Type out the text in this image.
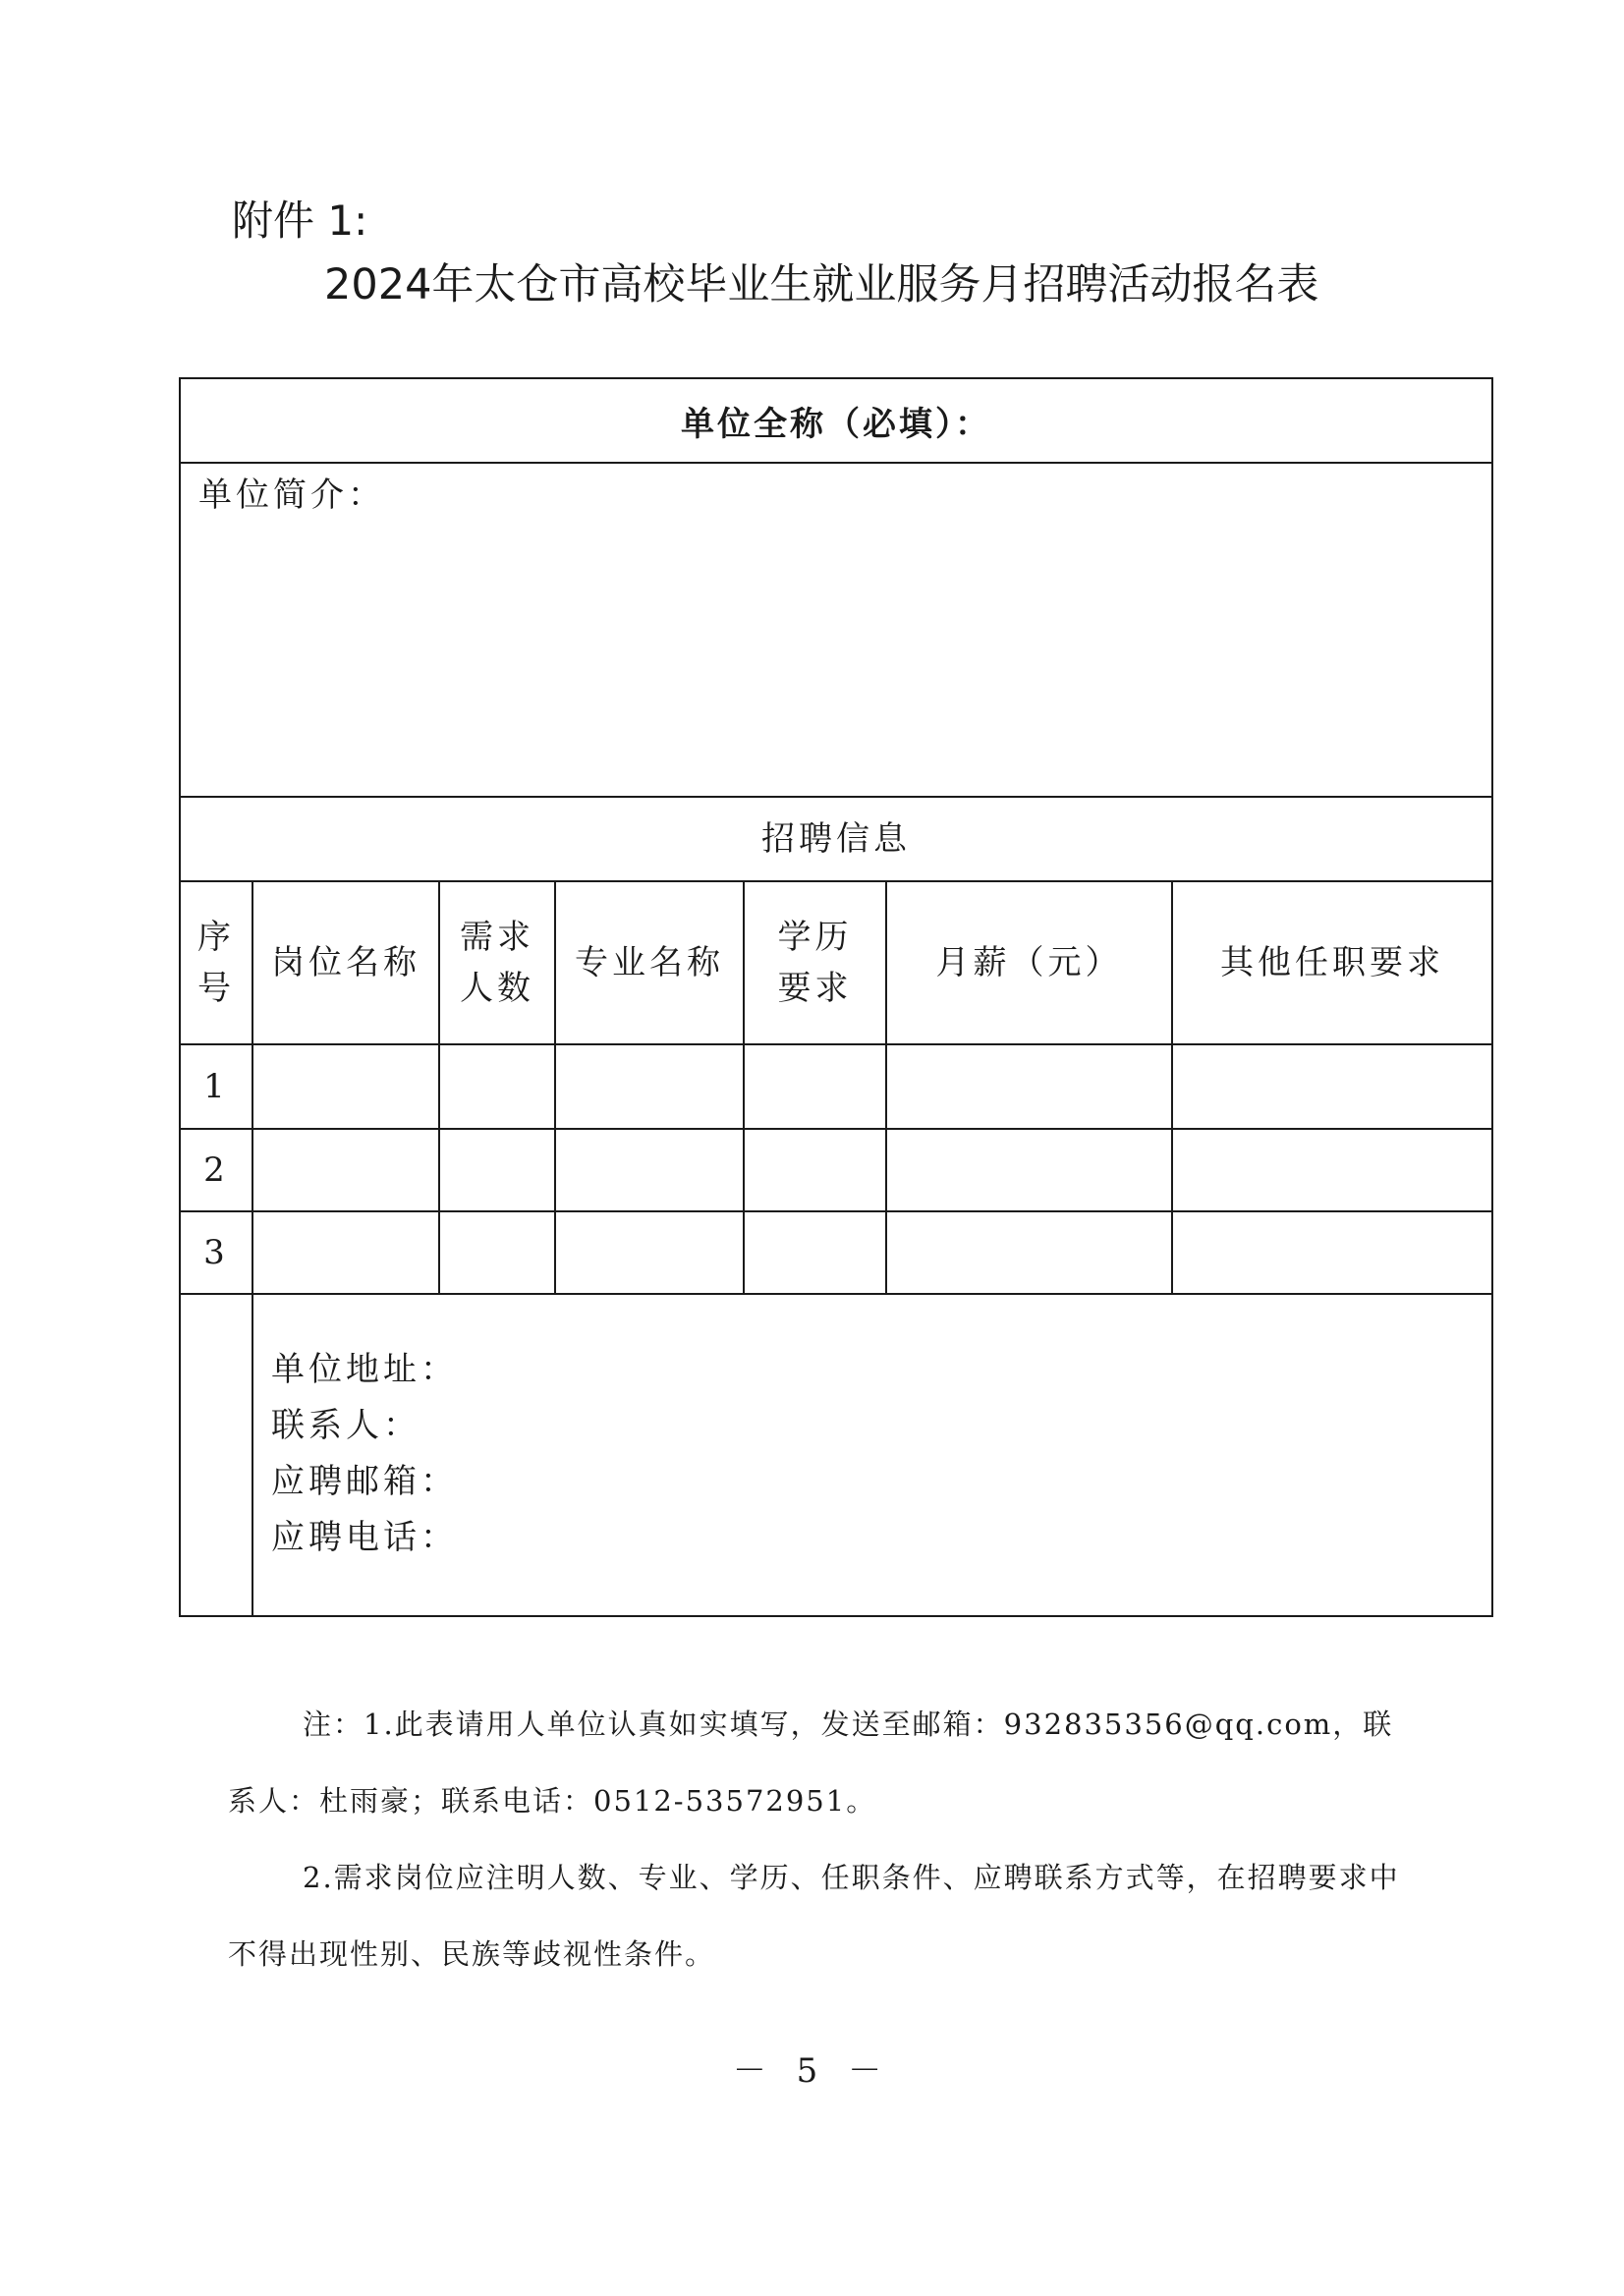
附件 1:
2024年太仓市高校毕业生就业服务月招聘活动报名表
单位全称（必填）：
单位简介：
招聘信息
序
号
岗位名称
需求
人数
专业名称
学历
要求
月薪（元）	其他任职要求
1
2
3
单位地址：
联系人：
应聘邮箱：
应聘电话：

注：1.此表请用人单位认真如实填写，发送至邮箱：932835356@qq.com，联系人：杜雨豪；联系电话：0512-53572951。

2.需求岗位应注明人数、专业、学历、任职条件、应聘联系方式等，在招聘要求中不得出现性别、民族等歧视性条件。

－ 5 －
